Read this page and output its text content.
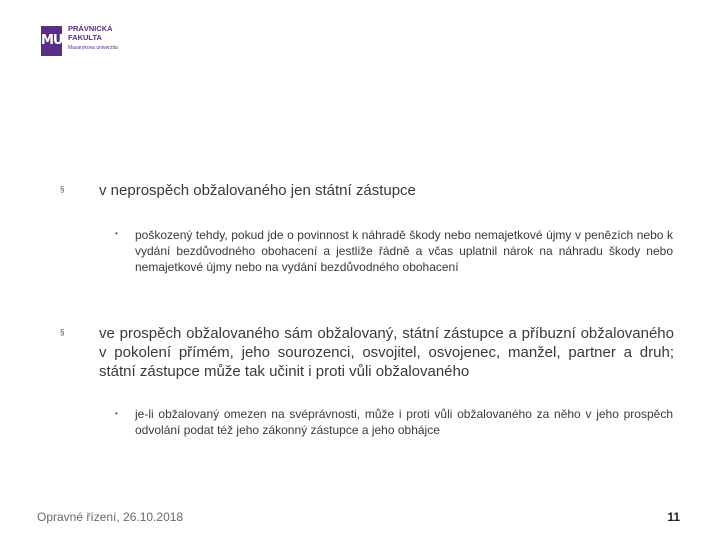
MU
PRÁVNICKÁ
FAKULTA
Masarykova univerzita
§ v neprospěch obžalovaného jen státní zástupce
• poškozený tehdy, pokud jde o povinnost k náhradě škody nebo nemajetkové újmy v penězích nebo k vydání bezdůvodného obohacení a jestliže řádně a včas uplatnil nárok na náhradu škody nebo nemajetkové újmy nebo na vydání bezdůvodného obohacení
§ ve prospěch obžalovaného sám obžalovaný, státní zástupce a příbuzní obžalovaného v pokolení přímém, jeho sourozenci, osvojitel, osvojenec, manžel, partner a druh; státní zástupce může tak učinit i proti vůli obžalovaného
• je-li obžalovaný omezen na svéprávnosti, může i proti vůli obžalovaného za něho v jeho prospěch odvolání podat též jeho zákonný zástupce a jeho obhájce
Opravné řízení, 26.10.2018	11
